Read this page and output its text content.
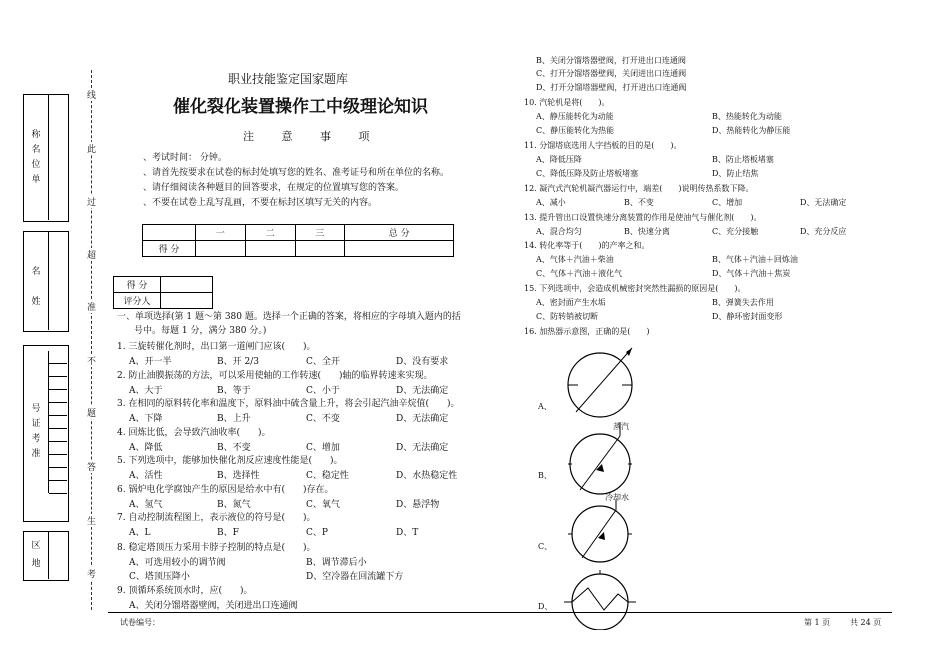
称名位单
名姓
号证考准
区地
线
此
过
超
准
不
题
答
生
考
职业技能鉴定国家题库
催化裂化装置操作工中级理论知识
注 意 事 项
、考试时间： 分钟。
、请首先按要求在试卷的标封处填写您的姓名、准考证号和所在单位的名称。
、请仔细阅读各种题目的回答要求，在规定的位置填写您的答案。
、不要在试卷上乱写乱画，不要在标封区填写无关的内容。
	一	二	三	总 分
得 分				
得 分	
评分人	
一、单项选择(第 1 题～第 380 题。选择一个正确的答案，将相应的字母填入题内的括
号中。每题 1 分，满分 380 分。)
1. 三旋转催化剂时，出口第一道闸门应该(　　)。
A、开一半	B、开 2/3	C、全开	D、没有要求
2. 防止油膜振荡的方法，可以采用使轴的工作转速(　　)轴的临界转速来实现。
A、大于	B、等于	C、小于	D、无法确定
3. 在相同的原料转化率和温度下，原料油中硫含量上升，将会引起汽油辛烷值(　　)。
A、下降	B、上升	C、不变	D、无法确定
4. 回炼比低，会导致汽油收率(　　)。
A、降低	B、不变	C、增加	D、无法确定
5. 下列选项中，能够加快催化剂反应速度性能是(　　)。
A、活性	B、选择性	C、稳定性	D、水热稳定性
6. 锅炉电化学腐蚀产生的原因是给水中有(　　)存在。
A、氢气	B、氮气	C、氧气	D、悬浮物
7. 自动控制流程图上，表示液位的符号是(　　)。
A、L	B、F	C、P	D、T
8. 稳定塔顶压力采用卡脖子控制的特点是(　　)。
A、可选用较小的调节阀	B、调节滞后小
C、塔顶压降小	D、空冷器在回流罐下方
9. 顶循环系统顶水时，应(　　)。
A、关闭分馏塔器壁阀，关闭进出口连通阀
B、关闭分馏塔器壁阀，打开进出口连通阀
C、打开分馏塔器壁阀，关闭进出口连通阀
D、打开分馏塔器壁阀，打开进出口连通阀
10. 汽轮机是将(　　)。
A、静压能转化为动能	B、热能转化为动能
C、静压能转化为热能	D、热能转化为静压能
11. 分馏塔底选用人字挡板的目的是(　　)。
A、降低压降	B、防止塔板堵塞
C、降低压降及防止塔板堵塞	D、防止结焦
12. 凝汽式汽轮机凝汽器运行中，端差(　　)说明传热系数下降。
A、减小	B、不变	C、增加	D、无法确定
13. 提升管出口设置快速分离装置的作用是使油气与催化剂(　　)。
A、混合均匀	B、快速分离	C、充分接触	D、充分反应
14. 转化率等于(　　)的产率之和。
A、气体＋汽油＋柴油	B、气体＋汽油＋回炼油
C、气体＋汽油＋液化气	D、气体＋汽油＋焦炭
15. 下列选项中，会造成机械密封突然性漏损的原因是(　　)。
A、密封面产生水垢	B、弹簧失去作用
C、防转销被切断	D、静环密封面变形
16. 加热器示意图，正确的是(　　)
A、
B、
C、
D、
蒸汽
冷却水
试卷编号：	第 1 页 共 24 页
